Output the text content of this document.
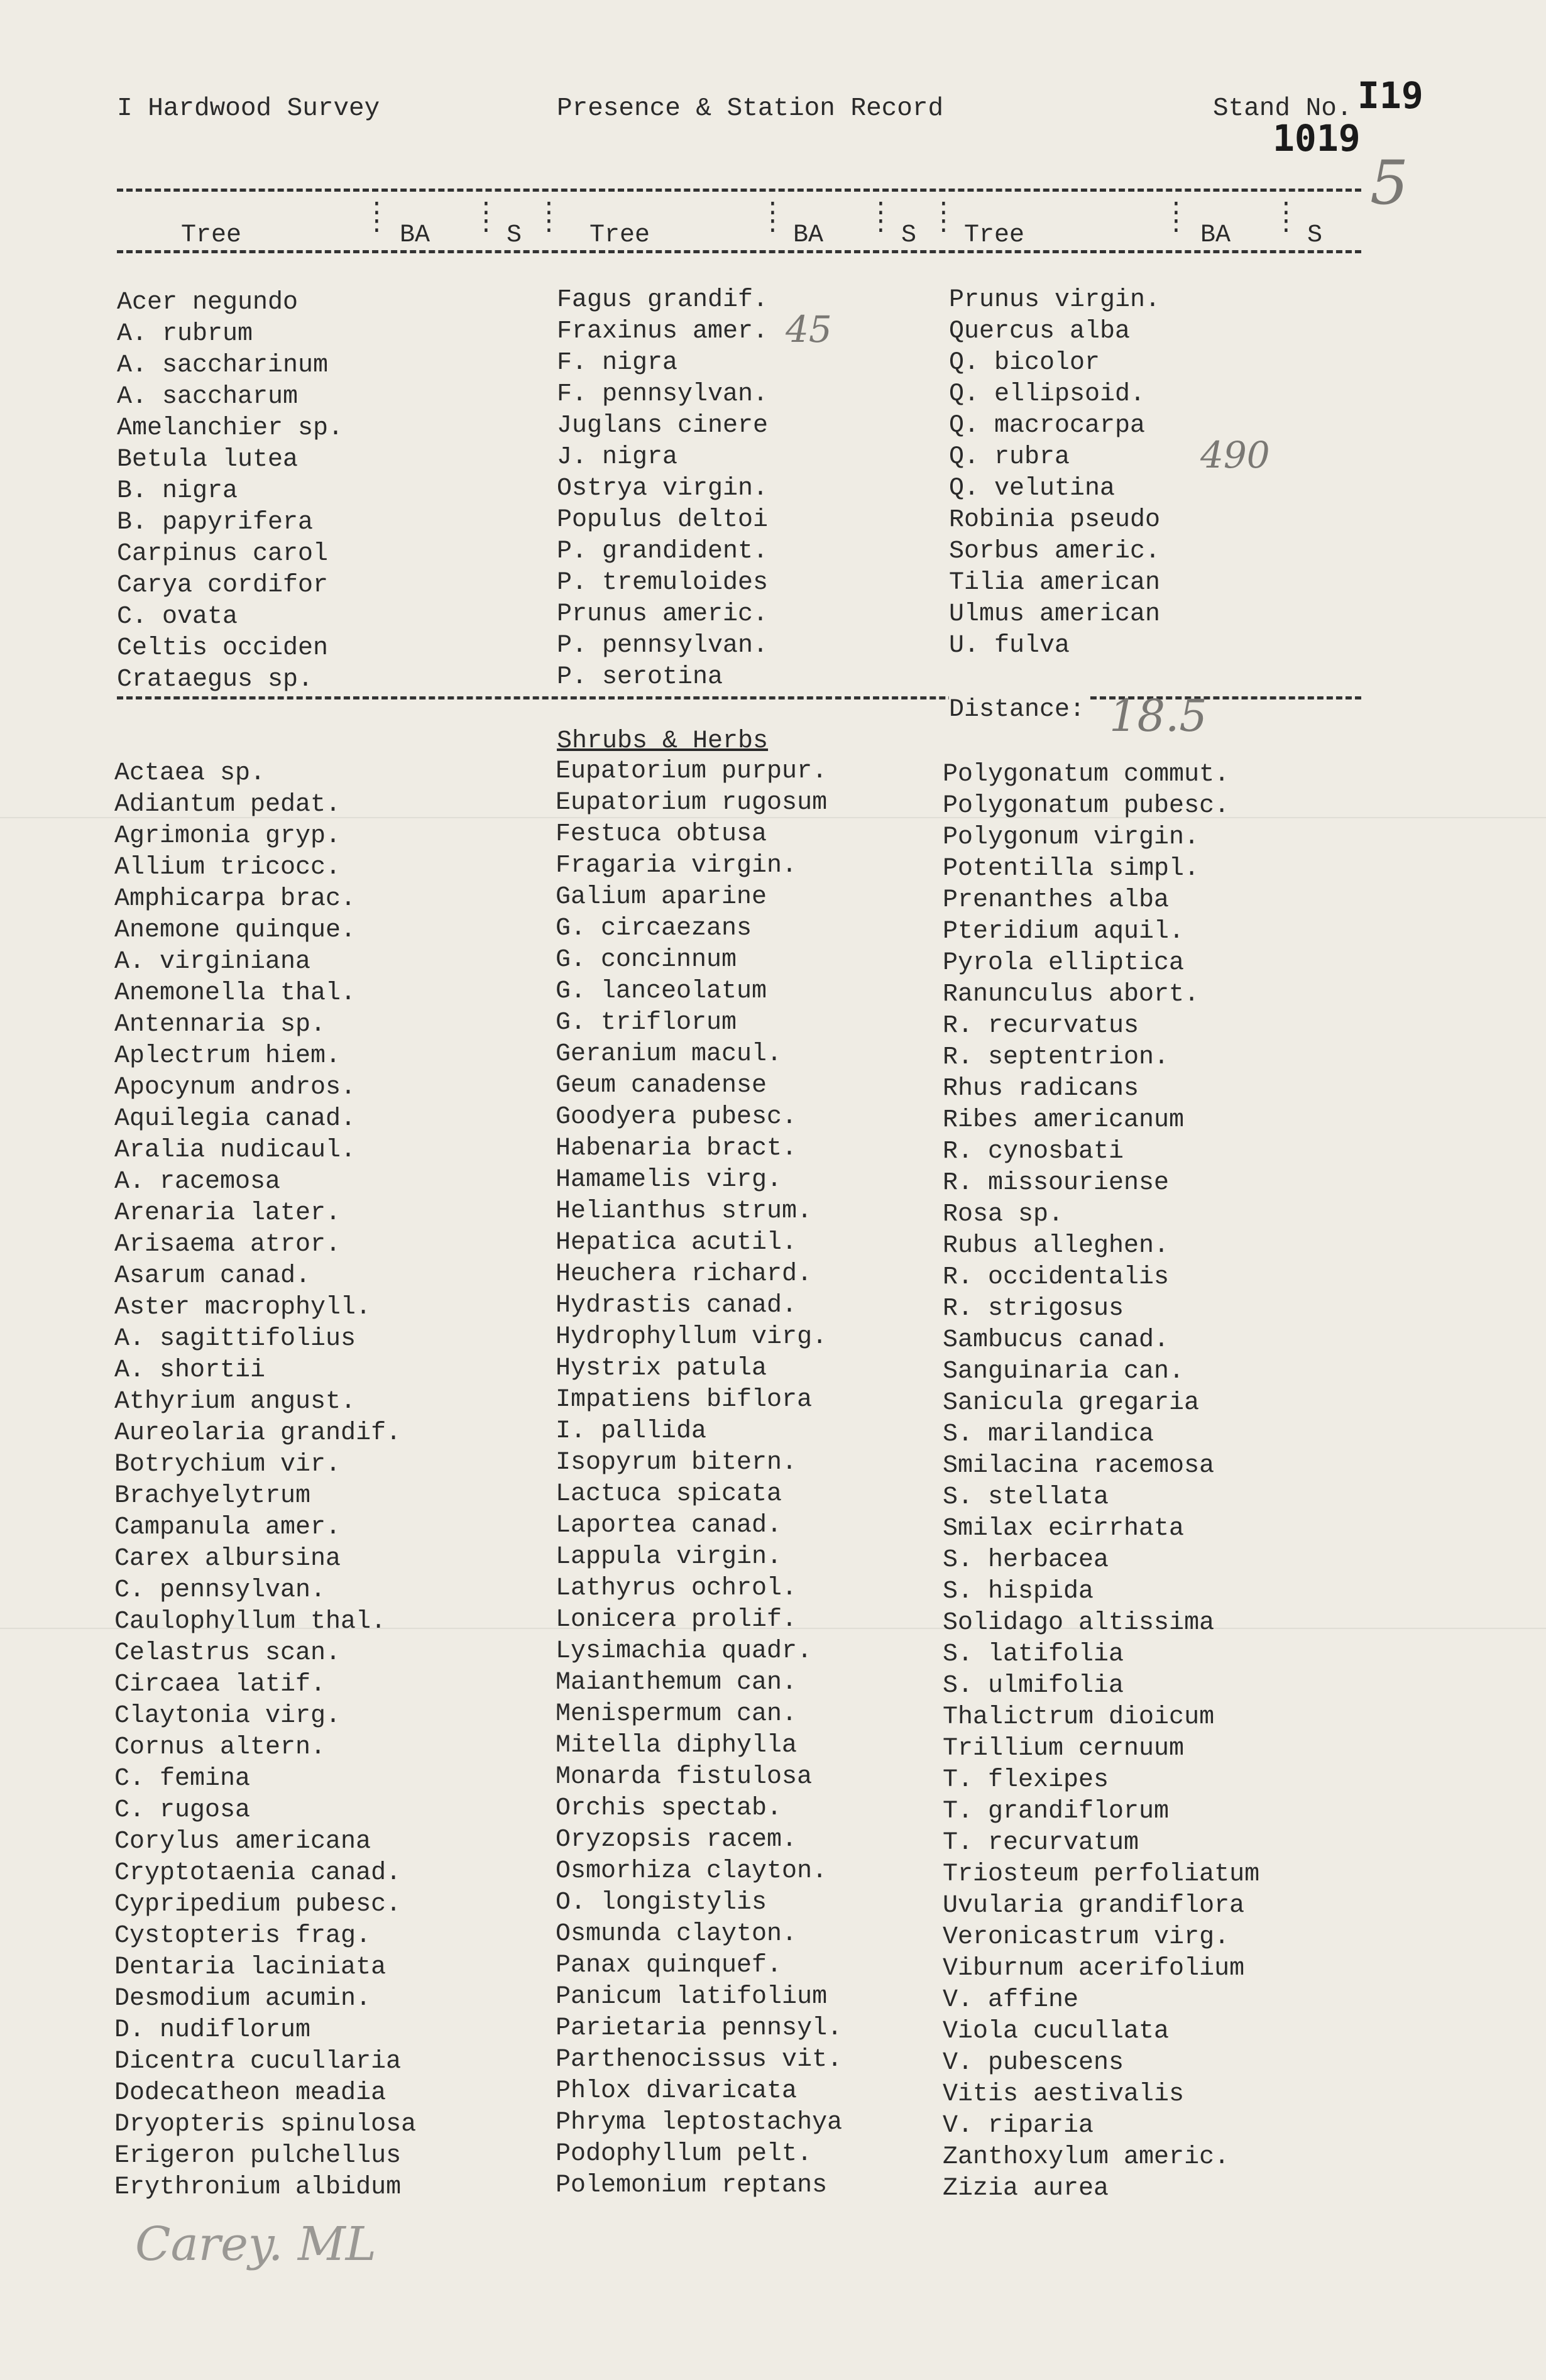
I Hardwood Survey	Presence & Station Record	Stand No. I19
1019
5
:
:
:
:
:
:
:
:
:
:
:
:
:
:
:
:
Tree	BA	S	Tree	BA	S Tree	BA	S
Acer negundo
A. rubrum
A. saccharinum
A. saccharum
Amelanchier sp.
Betula lutea
B. nigra
B. papyrifera
Carpinus carol
Carya cordifor
C. ovata
Celtis occiden
Crataegus sp.
Fagus grandif.
Fraxinus amer.
F. nigra
F. pennsylvan.
Juglans cinere
J. nigra
Ostrya virgin.
Populus deltoi
P. grandident.
P. tremuloides
Prunus americ.
P. pennsylvan.
P. serotina
Prunus virgin.
Quercus alba
Q. bicolor
Q. ellipsoid.
Q. macrocarpa
Q. rubra
Q. velutina
Robinia pseudo
Sorbus americ.
Tilia american
Ulmus american
U. fulva
45
490
Distance: 18.5
Shrubs & Herbs
Actaea sp.
Adiantum pedat.
Agrimonia gryp.
Allium tricocc.
Amphicarpa brac.
Anemone quinque.
A. virginiana
Anemonella thal.
Antennaria sp.
Aplectrum hiem.
Apocynum andros.
Aquilegia canad.
Aralia nudicaul.
A. racemosa
Arenaria later.
Arisaema atror.
Asarum canad.
Aster macrophyll.
A. sagittifolius
A. shortii
Athyrium angust.
Aureolaria grandif.
Botrychium vir.
Brachyelytrum
Campanula amer.
Carex albursina
C. pennsylvan.
Caulophyllum thal.
Celastrus scan.
Circaea latif.
Claytonia virg.
Cornus altern.
C. femina
C. rugosa
Corylus americana
Cryptotaenia canad.
Cypripedium pubesc.
Cystopteris frag.
Dentaria laciniata
Desmodium acumin.
D. nudiflorum
Dicentra cucullaria
Dodecatheon meadia
Dryopteris spinulosa
Erigeron pulchellus
Erythronium albidum
Eupatorium purpur.
Eupatorium rugosum
Festuca obtusa
Fragaria virgin.
Galium aparine
G. circaezans
G. concinnum
G. lanceolatum
G. triflorum
Geranium macul.
Geum canadense
Goodyera pubesc.
Habenaria bract.
Hamamelis virg.
Helianthus strum.
Hepatica acutil.
Heuchera richard.
Hydrastis canad.
Hydrophyllum virg.
Hystrix patula
Impatiens biflora
I. pallida
Isopyrum bitern.
Lactuca spicata
Laportea canad.
Lappula virgin.
Lathyrus ochrol.
Lonicera prolif.
Lysimachia quadr.
Maianthemum can.
Menispermum can.
Mitella diphylla
Monarda fistulosa
Orchis spectab.
Oryzopsis racem.
Osmorhiza clayton.
O. longistylis
Osmunda clayton.
Panax quinquef.
Panicum latifolium
Parietaria pennsyl.
Parthenocissus vit.
Phlox divaricata
Phryma leptostachya
Podophyllum pelt.
Polemonium reptans
Polygonatum commut.
Polygonatum pubesc.
Polygonum virgin.
Potentilla simpl.
Prenanthes alba
Pteridium aquil.
Pyrola elliptica
Ranunculus abort.
R. recurvatus
R. septentrion.
Rhus radicans
Ribes americanum
R. cynosbati
R. missouriense
Rosa sp.
Rubus alleghen.
R. occidentalis
R. strigosus
Sambucus canad.
Sanguinaria can.
Sanicula gregaria
S. marilandica
Smilacina racemosa
S. stellata
Smilax ecirrhata
S. herbacea
S. hispida
Solidago altissima
S. latifolia
S. ulmifolia
Thalictrum dioicum
Trillium cernuum
T. flexipes
T. grandiflorum
T. recurvatum
Triosteum perfoliatum
Uvularia grandiflora
Veronicastrum virg.
Viburnum acerifolium
V. affine
Viola cucullata
V. pubescens
Vitis aestivalis
V. riparia
Zanthoxylum americ.
Zizia aurea
Carey. ML
